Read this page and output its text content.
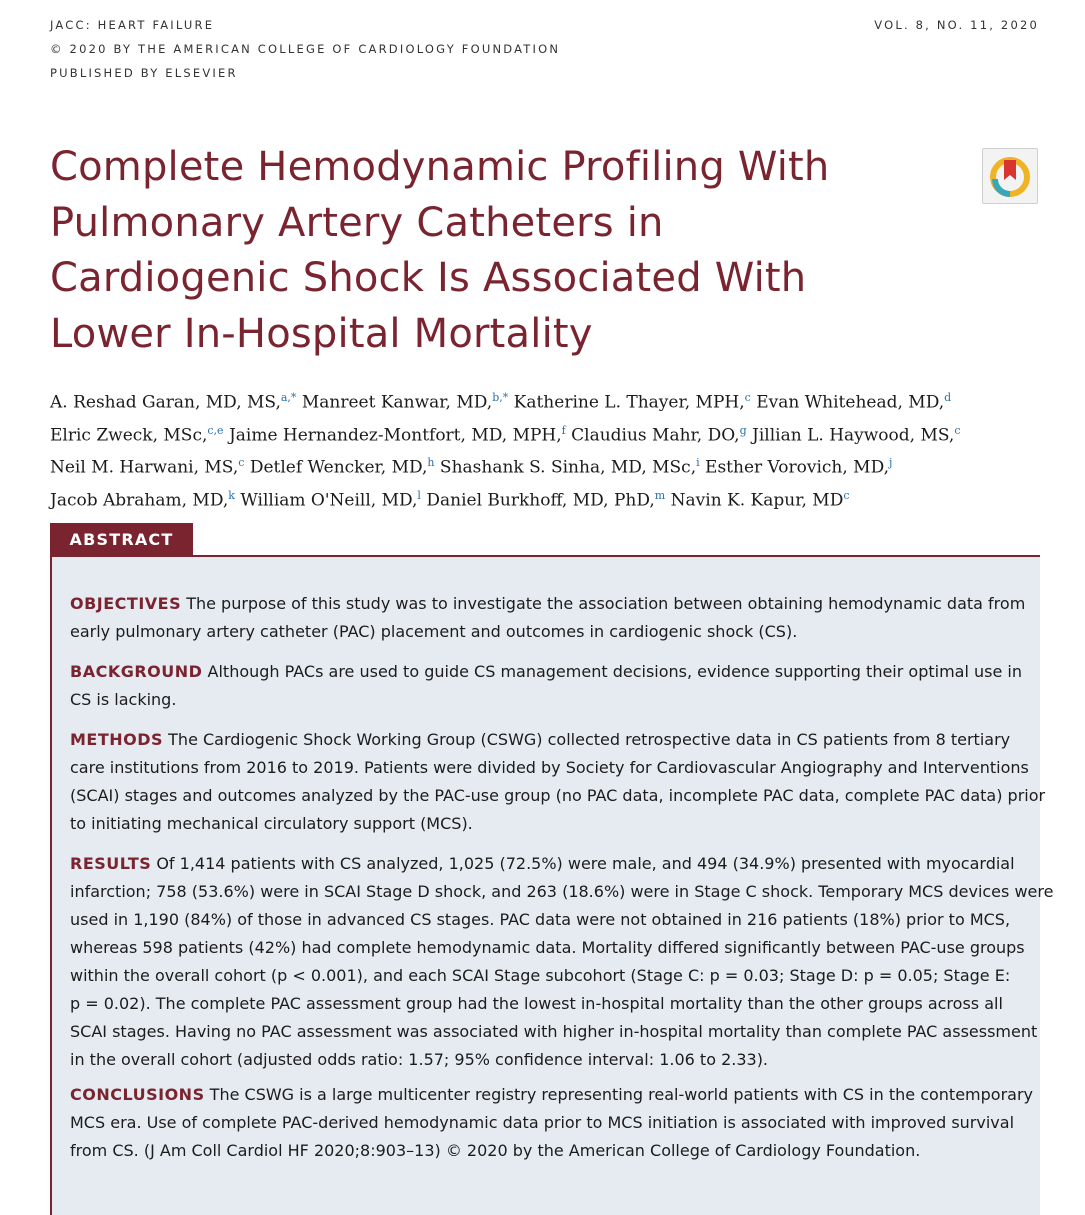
JACC: HEART FAILURE
© 2020 BY THE AMERICAN COLLEGE OF CARDIOLOGY FOUNDATION
PUBLISHED BY ELSEVIER
VOL. 8, NO. 11, 2020
Complete Hemodynamic Profiling With
Pulmonary Artery Catheters in
Cardiogenic Shock Is Associated With
Lower In-Hospital Mortality
A. Reshad Garan, MD, MS,$^{a,*}$ Manreet Kanwar, MD,$^{b,*}$ Katherine L. Thayer, MPH,$^c$ Evan Whitehead, MD,$^d$
Elric Zweck, MSc,$^{c,e}$ Jaime Hernandez-Montfort, MD, MPH,$^f$ Claudius Mahr, DO,$^g$ Jillian L. Haywood, MS,$^c$
Neil M. Harwani, MS,$^c$ Detlef Wencker, MD,$^h$ Shashank S. Sinha, MD, MSc,$^i$ Esther Vorovich, MD,$^j$
Jacob Abraham, MD,$^k$ William O'Neill, MD,$^l$ Daniel Burkhoff, MD, PhD,$^m$ Navin K. Kapur, $MD^c$
ABSTRACT

OBJECTIVES The purpose of this study was to investigate the association between obtaining hemodynamic data from
early pulmonary artery catheter (PAC) placement and outcomes in cardiogenic shock (CS).

BACKGROUND Although PACs are used to guide CS management decisions, evidence supporting their optimal use in
CS is lacking.

METHODS The Cardiogenic Shock Working Group (CSWG) collected retrospective data in CS patients from 8 tertiary
care institutions from 2016 to 2019. Patients were divided by Society for Cardiovascular Angiography and Interventions
(SCAI) stages and outcomes analyzed by the PAC-use group (no PAC data, incomplete PAC data, complete PAC data) prior
to initiating mechanical circulatory support (MCS).

RESULTS Of 1,414 patients with CS analyzed, 1,025 (72.5%) were male, and 494 (34.9%) presented with myocardial
infarction; 758 (53.6%) were in SCAI Stage D shock, and 263 (18.6%) were in Stage C shock. Temporary MCS devices were
used in 1,190 (84%) of those in advanced CS stages. PAC data were not obtained in 216 patients (18%) prior to MCS,
whereas 598 patients (42%) had complete hemodynamic data. Mortality differed significantly between PAC-use groups
within the overall cohort (p < 0.001), and each SCAI Stage subcohort (Stage C: p = 0.03; Stage D: p = 0.05; Stage E:
p = 0.02). The complete PAC assessment group had the lowest in-hospital mortality than the other groups across all
SCAI stages. Having no PAC assessment was associated with higher in-hospital mortality than complete PAC assessment
in the overall cohort (adjusted odds ratio: 1.57; 95% confidence interval: 1.06 to 2.33).

CONCLUSIONS The CSWG is a large multicenter registry representing real-world patients with CS in the contemporary
MCS era. Use of complete PAC-derived hemodynamic data prior to MCS initiation is associated with improved survival
from CS. (J Am Coll Cardiol HF 2020;8:903–13) © 2020 by the American College of Cardiology Foundation.
